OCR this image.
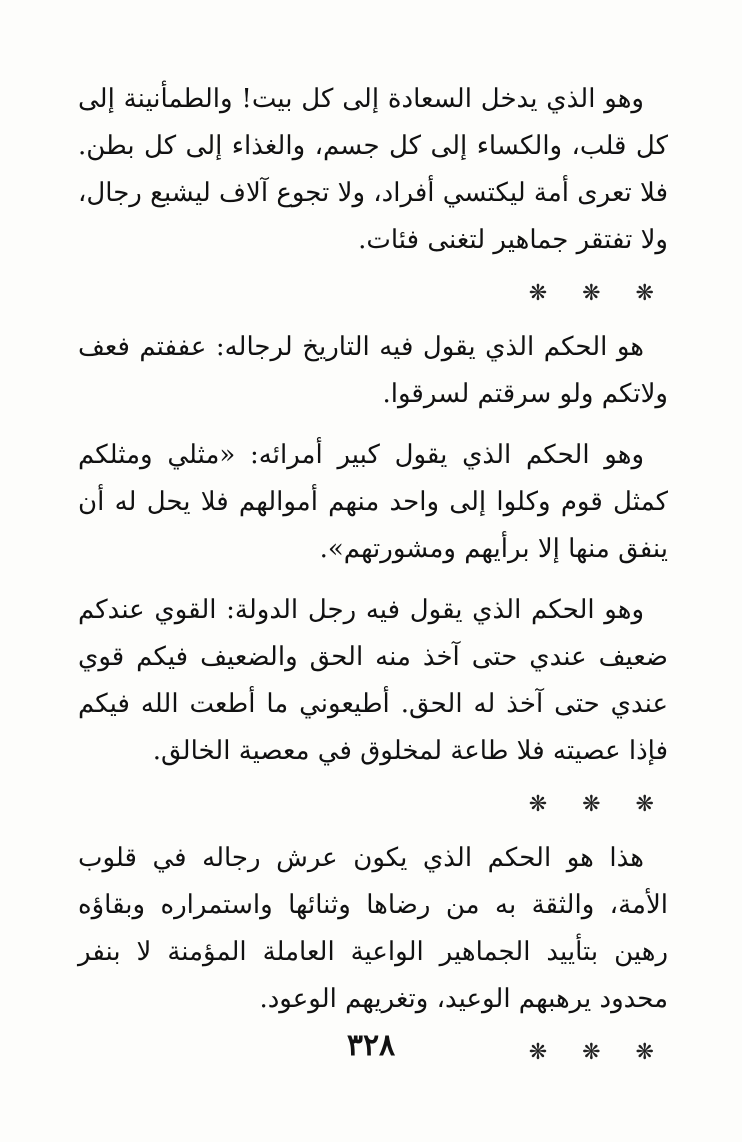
وهو الذي يدخل السعادة إلى كل بيت! والطمأنينة إلى كل قلب، والكساء إلى كل جسم، والغذاء إلى كل بطن. فلا تعرى أمة ليكتسي أفراد، ولا تجوع آلاف ليشبع رجال، ولا تفتقر جماهير لتغنى فئات.

❋ ❋ ❋

هو الحكم الذي يقول فيه التاريخ لرجاله: عففتم فعف ولاتكم ولو سرقتم لسرقوا.

وهو الحكم الذي يقول كبير أمرائه: «مثلي ومثلكم كمثل قوم وكلوا إلى واحد منهم أموالهم فلا يحل له أن ينفق منها إلا برأيهم ومشورتهم».

وهو الحكم الذي يقول فيه رجل الدولة: القوي عندكم ضعيف عندي حتى آخذ منه الحق والضعيف فيكم قوي عندي حتى آخذ له الحق. أطيعوني ما أطعت الله فيكم فإذا عصيته فلا طاعة لمخلوق في معصية الخالق.

❋ ❋ ❋

هذا هو الحكم الذي يكون عرش رجاله في قلوب الأمة، والثقة به من رضاها وثنائها واستمراره وبقاؤه رهين بتأييد الجماهير الواعية العاملة المؤمنة لا بنفر محدود يرهبهم الوعيد، وتغريهم الوعود.

❋ ❋ ❋
٣٢٨
